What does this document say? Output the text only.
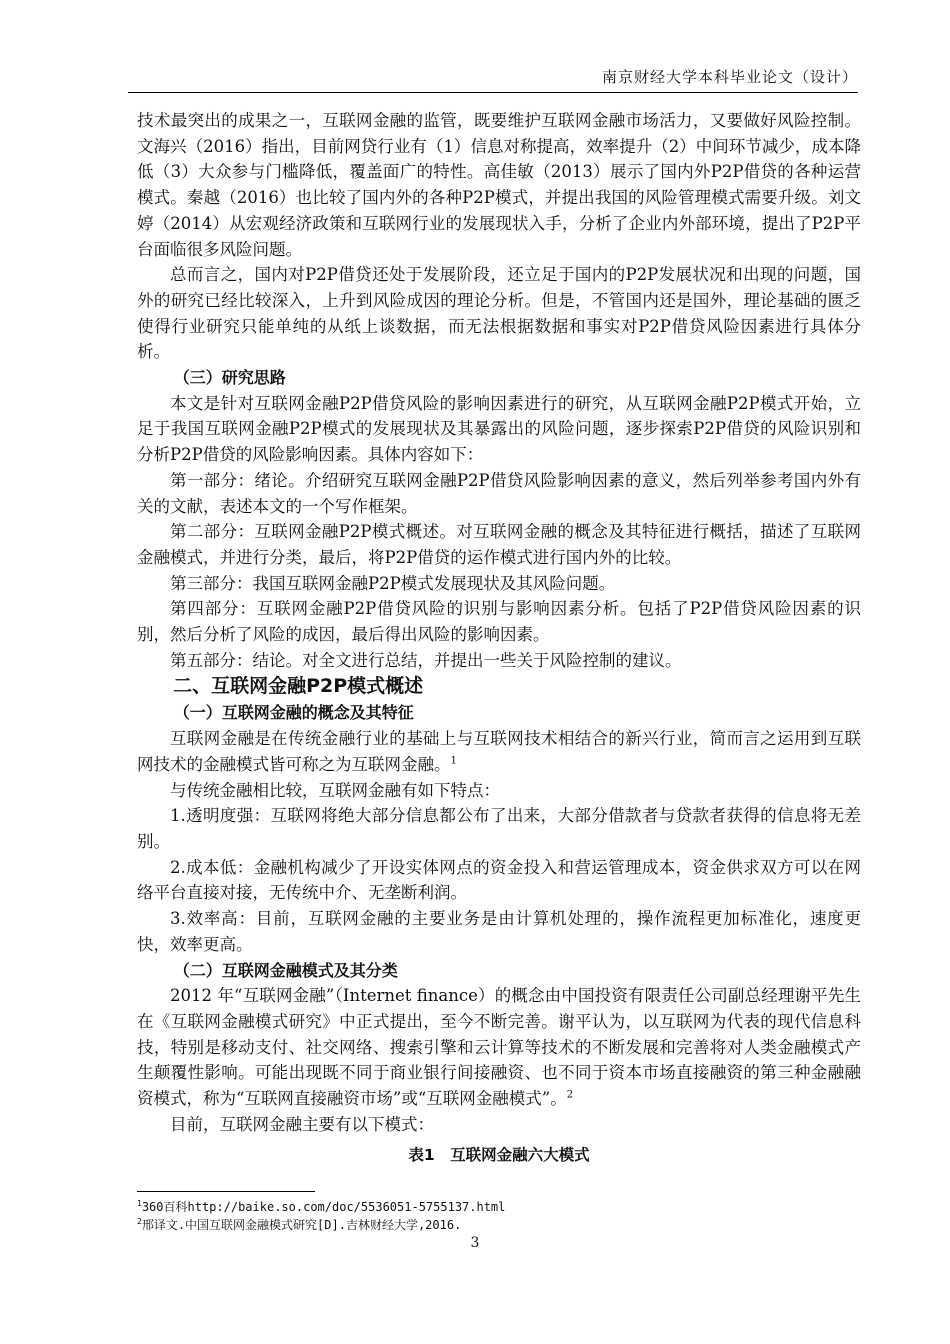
南京财经大学本科毕业论文（设计）

技术最突出的成果之一，互联网金融的监管，既要维护互联网金融市场活力，又要做好风险控制。文海兴（2016）指出，目前网贷行业有（1）信息对称提高，效率提升（2）中间环节减少，成本降低（3）大众参与门槛降低，覆盖面广的特性。高佳敏（2013）展示了国内外P2P借贷的各种运营模式。秦越（2016）也比较了国内外的各种P2P模式，并提出我国的风险管理模式需要升级。刘文婷（2014）从宏观经济政策和互联网行业的发展现状入手，分析了企业内外部环境，提出了P2P平台面临很多风险问题。

总而言之，国内对P2P借贷还处于发展阶段，还立足于国内的P2P发展状况和出现的问题，国外的研究已经比较深入，上升到风险成因的理论分析。但是，不管国内还是国外，理论基础的匮乏使得行业研究只能单纯的从纸上谈数据，而无法根据数据和事实对P2P借贷风险因素进行具体分析。

（三）研究思路

本文是针对互联网金融P2P借贷风险的影响因素进行的研究，从互联网金融P2P模式开始，立足于我国互联网金融P2P模式的发展现状及其暴露出的风险问题，逐步探索P2P借贷的风险识别和分析P2P借贷的风险影响因素。具体内容如下：

第一部分：绪论。介绍研究互联网金融P2P借贷风险影响因素的意义，然后列举参考国内外有关的文献，表述本文的一个写作框架。

第二部分：互联网金融P2P模式概述。对互联网金融的概念及其特征进行概括，描述了互联网金融模式，并进行分类，最后，将P2P借贷的运作模式进行国内外的比较。

第三部分：我国互联网金融P2P模式发展现状及其风险问题。

第四部分：互联网金融P2P借贷风险的识别与影响因素分析。包括了P2P借贷风险因素的识别，然后分析了风险的成因，最后得出风险的影响因素。

第五部分：结论。对全文进行总结，并提出一些关于风险控制的建议。

二、互联网金融P2P模式概述

（一）互联网金融的概念及其特征

互联网金融是在传统金融行业的基础上与互联网技术相结合的新兴行业，简而言之运用到互联网技术的金融模式皆可称之为互联网金融。$^1$

与传统金融相比较，互联网金融有如下特点：

1.透明度强：互联网将绝大部分信息都公布了出来，大部分借款者与贷款者获得的信息将无差别。

2.成本低：金融机构减少了开设实体网点的资金投入和营运管理成本，资金供求双方可以在网络平台直接对接，无传统中介、无垄断利润。

3.效率高：目前，互联网金融的主要业务是由计算机处理的，操作流程更加标准化，速度更快，效率更高。

（二）互联网金融模式及其分类

2012 年“互联网金融”（Internet finance）的概念由中国投资有限责任公司副总经理谢平先生在《互联网金融模式研究》中正式提出，至今不断完善。谢平认为，以互联网为代表的现代信息科技，特别是移动支付、社交网络、搜索引擎和云计算等技术的不断发展和完善将对人类金融模式产生颠覆性影响。可能出现既不同于商业银行间接融资、也不同于资本市场直接融资的第三种金融融资模式，称为“互联网直接融资市场”或“互联网金融模式”。$^2$

目前，互联网金融主要有以下模式：

表1　互联网金融六大模式

$^1$360百科http://baike.so.com/doc/5536051-5755137.html
$^2$邢译文.中国互联网金融模式研究[D].吉林财经大学,2016.
3
